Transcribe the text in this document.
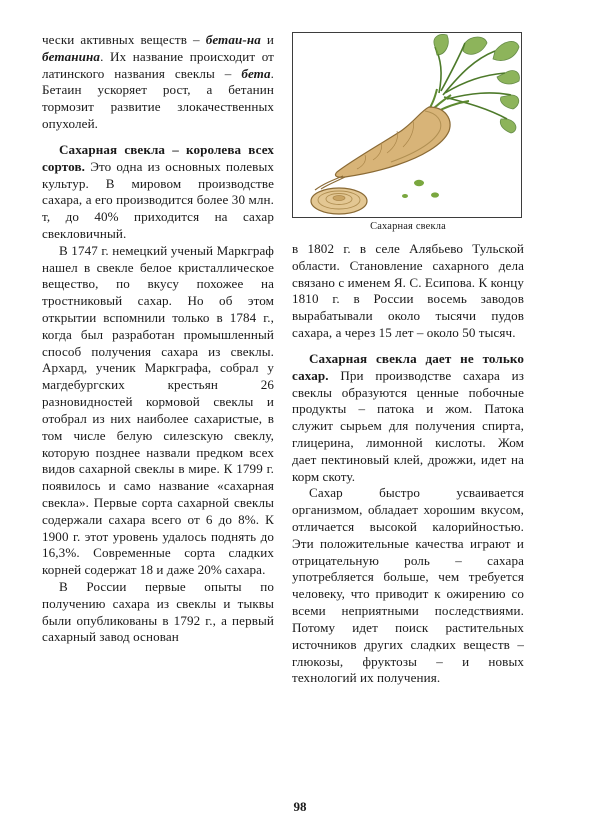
чески активных веществ – бетаи-на и бетанина. Их название происходит от латинского названия свеклы – бета. Бетаин ускоряет рост, а бетанин тормозит развитие злокачественных опухолей.

Сахарная свекла – королева всех сортов. Это одна из основных полевых культур. В мировом производстве сахара, а его производится более 30 млн. т, до 40% приходится на сахар свекловичный.

В 1747 г. немецкий ученый Маркграф нашел в свекле белое кристаллическое вещество, по вкусу похожее на тростниковый сахар. Но об этом открытии вспомнили только в 1784 г., когда был разработан промышленный способ получения сахара из свеклы. Архард, ученик Маркграфа, собрал у магдебургских крестьян 26 разновидностей кормовой свеклы и отобрал из них наиболее сахаристые, в том числе белую силезскую свеклу, которую позднее назвали предком всех видов сахарной свеклы в мире. К 1799 г. появилось и само название «сахарная свекла». Первые сорта сахарной свеклы содержали сахара всего от 6 до 8%. К 1900 г. этот уровень удалось поднять до 16,3%. Современные сорта сладких корней содержат 18 и даже 20% сахара.

В России первые опыты по получению сахара из свеклы и тыквы были опубликованы в 1792 г., а первый сахарный завод основан

Сахарная свекла

в 1802 г. в селе Алябьево Тульской области. Становление сахарного дела связано с именем Я. С. Есипова. К концу 1810 г. в России восемь заводов вырабатывали около тысячи пудов сахара, а через 15 лет – около 50 тысяч.

Сахарная свекла дает не только сахар. При производстве сахара из свеклы образуются ценные побочные продукты – патока и жом. Патока служит сырьем для получения спирта, глицерина, лимонной кислоты. Жом дает пектиновый клей, дрожжи, идет на корм скоту.

Сахар быстро усваивается организмом, обладает хорошим вкусом, отличается высокой калорийностью. Эти положительные качества играют и отрицательную роль – сахара употребляется больше, чем требуется человеку, что приводит к ожирению со всеми неприятными последствиями. Потому идет поиск растительных источников других сладких веществ – глюкозы, фруктозы – и новых технологий их получения.

98
